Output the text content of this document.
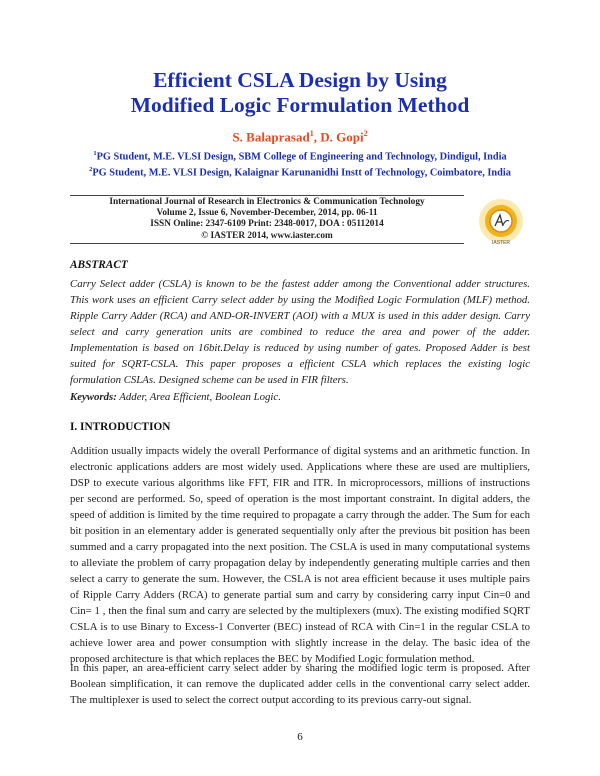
Efficient CSLA Design by Using
Modified Logic Formulation Method
S. Balaprasad$^1$, D. Gopi$^2$
$^1$PG Student, M.E. VLSI Design, SBM College of Engineering and Technology, Dindigul, India
$^2$PG Student, M.E. VLSI Design, Kalaignar Karunanidhi Instt of Technology, Coimbatore, India
International Journal of Research in Electronics & Communication Technology
Volume 2, Issue 6, November-December, 2014, pp. 06-11
ISSN Online: 2347-6109 Print: 2348-0017, DOA : 05112014
© IASTER 2014, www.iaster.com
IASTER
ABSTRACT
Carry Select adder (CSLA) is known to be the fastest adder among the Conventional adder structures.
This work uses an efficient Carry select adder by using the Modified Logic Formulation (MLF) method.
Ripple Carry Adder (RCA) and AND-OR-INVERT (AOI) with a MUX is used in this adder design. Carry
select and carry generation units are combined to reduce the area and power of the adder.
Implementation is based on 16bit.Delay is reduced by using number of gates. Proposed Adder is best
suited for SQRT-CSLA. This paper proposes a efficient CSLA which replaces the existing logic
formulation CSLAs. Designed scheme can be used in FIR filters.
Keywords: Adder, Area Efficient, Boolean Logic.
I. INTRODUCTION
Addition usually impacts widely the overall Performance of digital systems and an arithmetic function. In
electronic applications adders are most widely used. Applications where these are used are multipliers,
DSP to execute various algorithms like FFT, FIR and ITR. In microprocessors, millions of instructions
per second are performed. So, speed of operation is the most important constraint. In digital adders, the
speed of addition is limited by the time required to propagate a carry through the adder. The Sum for each
bit position in an elementary adder is generated sequentially only after the previous bit position has been
summed and a carry propagated into the next position. The CSLA is used in many computational systems
to alleviate the problem of carry propagation delay by independently generating multiple carries and then
select a carry to generate the sum. However, the CSLA is not area efficient because it uses multiple pairs
of Ripple Carry Adders (RCA) to generate partial sum and carry by considering carry input Cin=0 and
Cin= 1 , then the final sum and carry are selected by the multiplexers (mux). The existing modified SQRT
CSLA is to use Binary to Excess-1 Converter (BEC) instead of RCA with Cin=1 in the regular CSLA to
achieve lower area and power consumption with slightly increase in the delay. The basic idea of the
proposed architecture is that which replaces the BEC by Modified Logic formulation method.
In this paper, an area-efficient carry select adder by sharing the modified logic term is proposed. After
Boolean simplification, it can remove the duplicated adder cells in the conventional carry select adder.
The multiplexer is used to select the correct output according to its previous carry-out signal.
6
